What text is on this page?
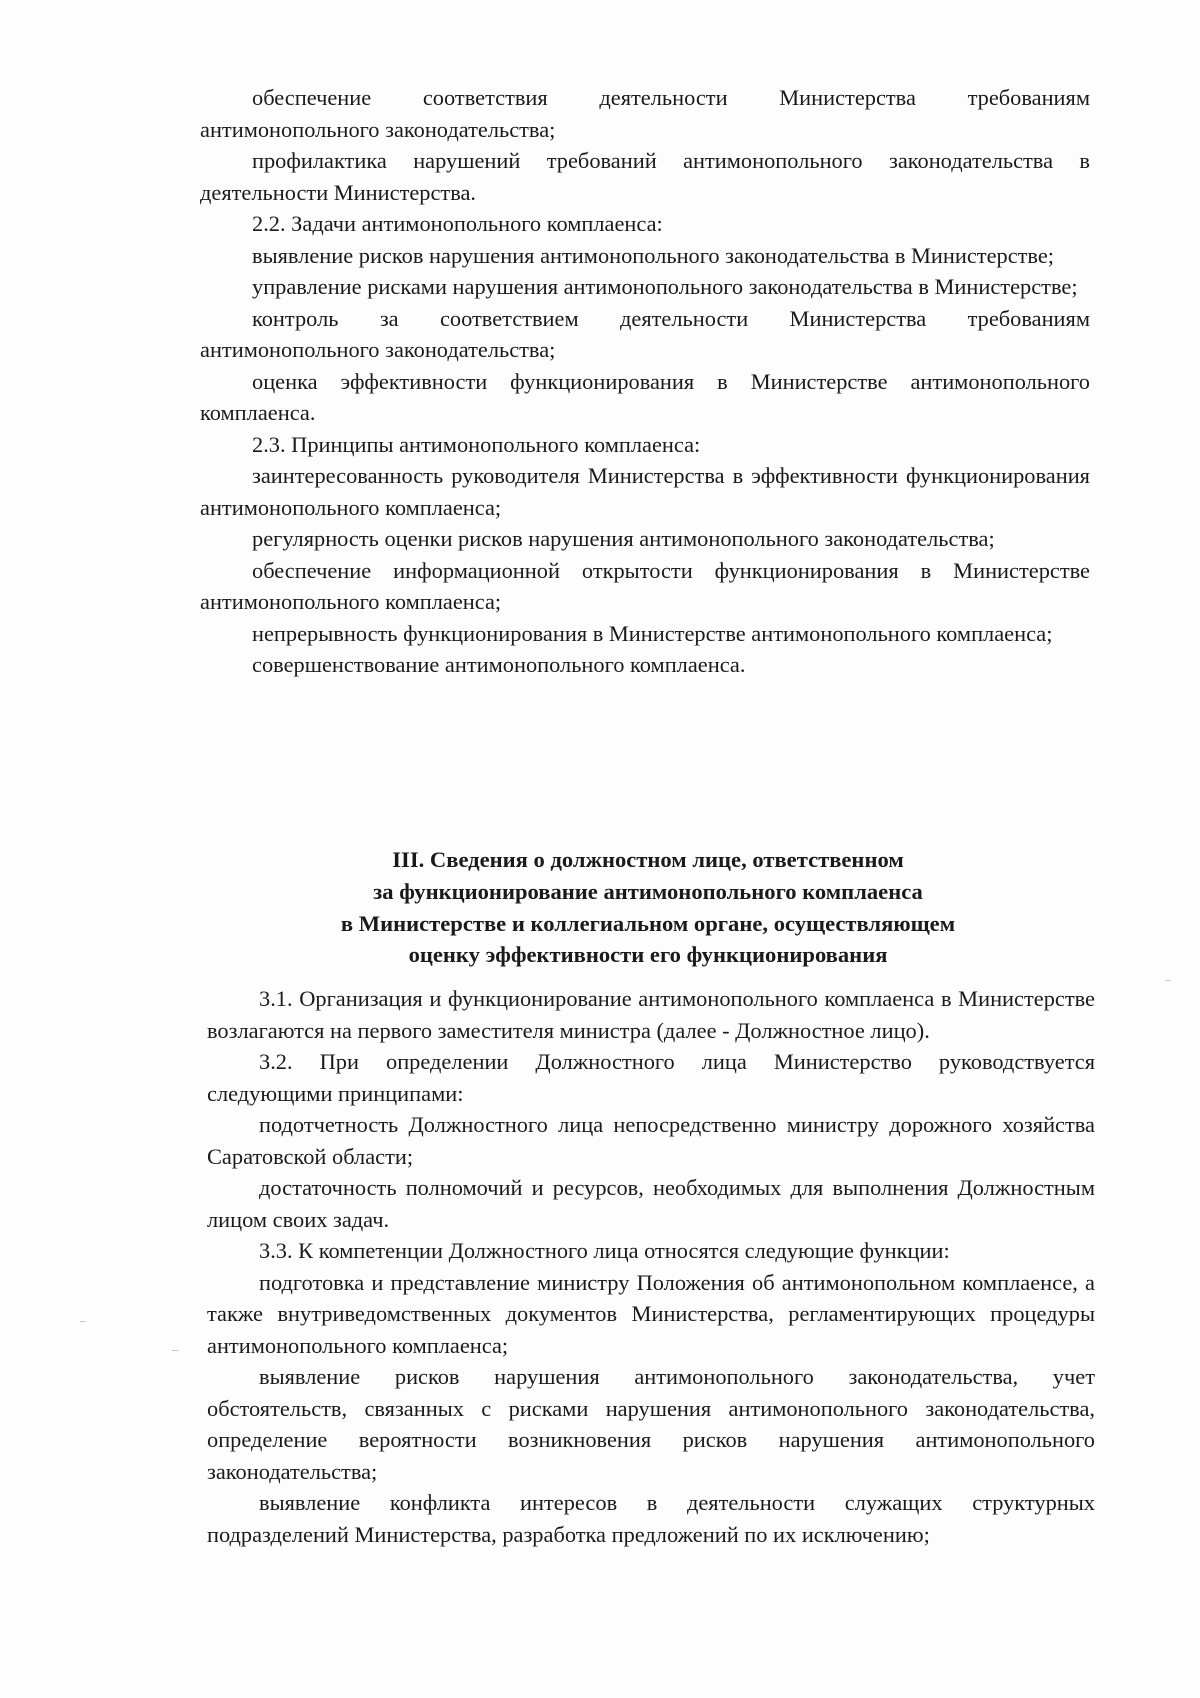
обеспечение соответствия деятельности Министерства требованиям антимонопольного законодательства;

профилактика нарушений требований антимонопольного законодательства в деятельности Министерства.

2.2. Задачи антимонопольного комплаенса:

выявление рисков нарушения антимонопольного законодательства в Министерстве;

управление рисками нарушения антимонопольного законодательства в Министерстве;

контроль за соответствием деятельности Министерства требованиям антимонопольного законодательства;

оценка эффективности функционирования в Министерстве антимонопольного комплаенса.

2.3. Принципы антимонопольного комплаенса:

заинтересованность руководителя Министерства в эффективности функционирования антимонопольного комплаенса;

регулярность оценки рисков нарушения антимонопольного законодательства;

обеспечение информационной открытости функционирования в Министерстве антимонопольного комплаенса;

непрерывность функционирования в Министерстве антимонопольного комплаенса;

совершенствование антимонопольного комплаенса.

III. Сведения о должностном лице, ответственном
за функционирование антимонопольного комплаенса
в Министерстве и коллегиальном органе, осуществляющем
оценку эффективности его функционирования

3.1. Организация и функционирование антимонопольного комплаенса в Министерстве возлагаются на первого заместителя министра (далее - Должностное лицо).

3.2. При определении Должностного лица Министерство руководствуется следующими принципами:

подотчетность Должностного лица непосредственно министру дорожного хозяйства Саратовской области;

достаточность полномочий и ресурсов, необходимых для выполнения Должностным лицом своих задач.

3.3. К компетенции Должностного лица относятся следующие функции:

подготовка и представление министру Положения об антимонопольном комплаенсе, а также внутриведомственных документов Министерства, регламентирующих процедуры антимонопольного комплаенса;

выявление рисков нарушения антимонопольного законодательства, учет обстоятельств, связанных с рисками нарушения антимонопольного законодательства, определение вероятности возникновения рисков нарушения антимонопольного законодательства;

выявление конфликта интересов в деятельности служащих структурных подразделений Министерства, разработка предложений по их исключению;
